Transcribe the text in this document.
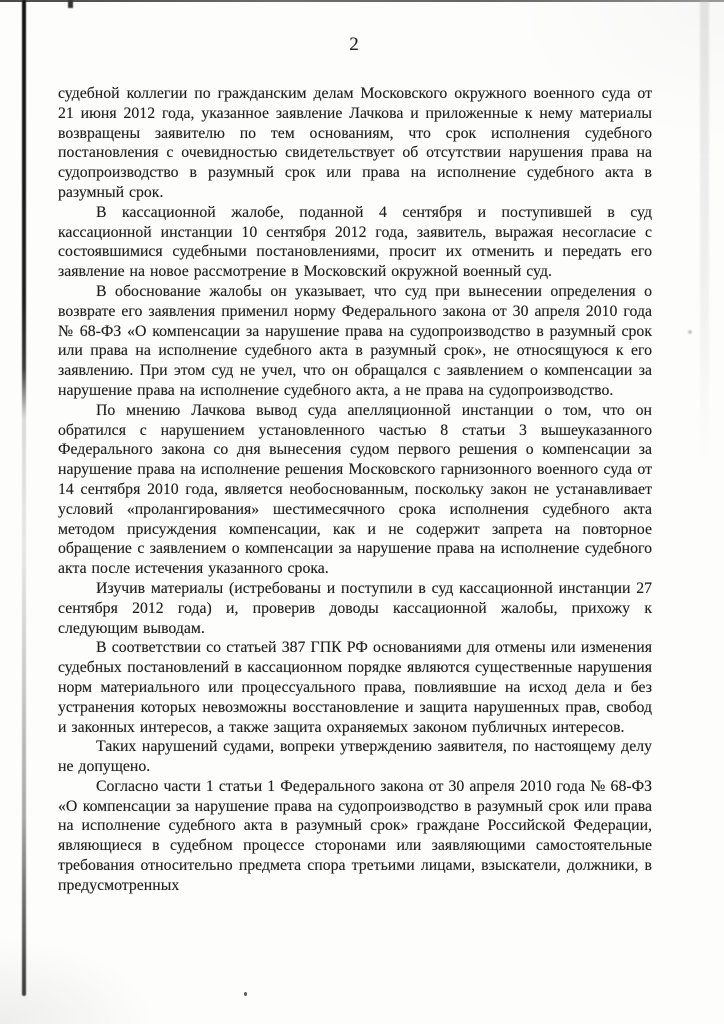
2

судебной коллегии по гражданским делам Московского окружного военного суда от 21 июня 2012 года, указанное заявление Лачкова и приложенные к нему материалы возвращены заявителю по тем основаниям, что срок исполнения судебного постановления с очевидностью свидетельствует об отсутствии нарушения права на судопроизводство в разумный срок или права на исполнение судебного акта в разумный срок.

В кассационной жалобе, поданной 4 сентября и поступившей в суд кассационной инстанции 10 сентября 2012 года, заявитель, выражая несогласие с состоявшимися судебными постановлениями, просит их отменить и передать его заявление на новое рассмотрение в Московский окружной военный суд.

В обоснование жалобы он указывает, что суд при вынесении определения о возврате его заявления применил норму Федерального закона от 30 апреля 2010 года № 68-ФЗ «О компенсации за нарушение права на судопроизводство в разумный срок или права на исполнение судебного акта в разумный срок», не относящуюся к его заявлению. При этом суд не учел, что он обращался с заявлением о компенсации за нарушение права на исполнение судебного акта, а не права на судопроизводство.

По мнению Лачкова вывод суда апелляционной инстанции о том, что он обратился с нарушением установленного частью 8 статьи 3 вышеуказанного Федерального закона со дня вынесения судом первого решения о компенсации за нарушение права на исполнение решения Московского гарнизонного военного суда от 14 сентября 2010 года, является необоснованным, поскольку закон не устанавливает условий «пролангирования» шестимесячного срока исполнения судебного акта методом присуждения компенсации, как и не содержит запрета на повторное обращение с заявлением о компенсации за нарушение права на исполнение судебного акта после истечения указанного срока.

Изучив материалы (истребованы и поступили в суд кассационной инстанции 27 сентября 2012 года) и, проверив доводы кассационной жалобы, прихожу к следующим выводам.

В соответствии со статьей 387 ГПК РФ основаниями для отмены или изменения судебных постановлений в кассационном порядке являются существенные нарушения норм материального или процессуального права, повлиявшие на исход дела и без устранения которых невозможны восстановление и защита нарушенных прав, свобод и законных интересов, а также защита охраняемых законом публичных интересов.

Таких нарушений судами, вопреки утверждению заявителя, по настоящему делу не допущено.

Согласно части 1 статьи 1 Федерального закона от 30 апреля 2010 года № 68-ФЗ «О компенсации за нарушение права на судопроизводство в разумный срок или права на исполнение судебного акта в разумный срок» граждане Российской Федерации, являющиеся в судебном процессе сторонами или заявляющими самостоятельные требования относительно предмета спора третьими лицами, взыскатели, должники, в предусмотренных
